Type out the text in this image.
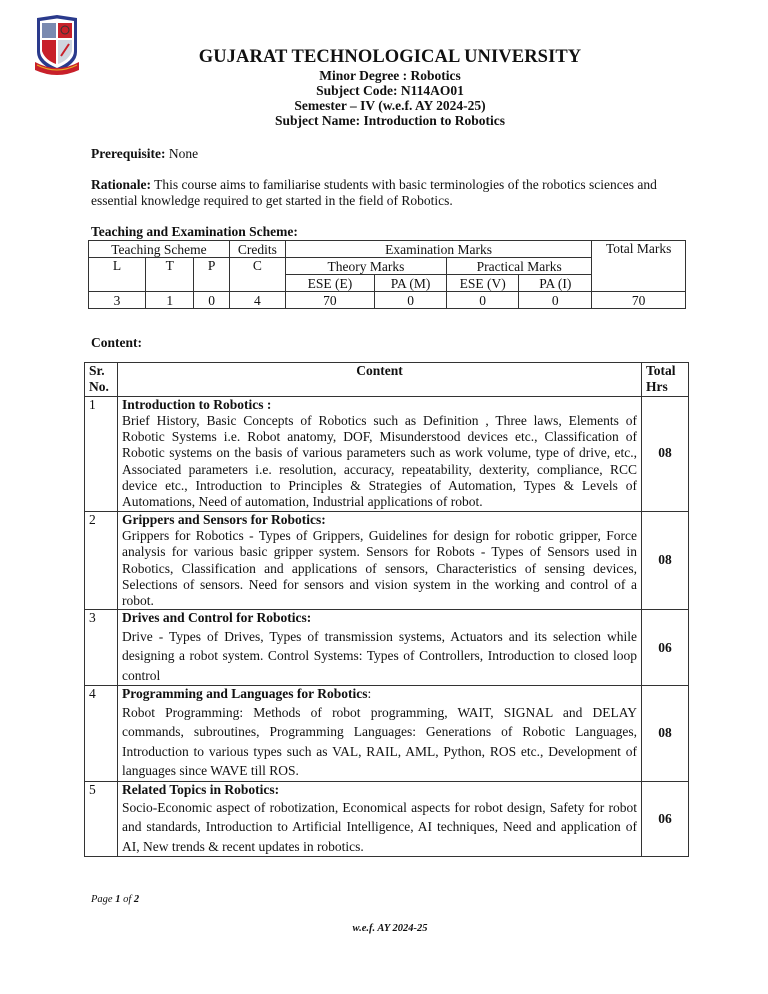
GUJARAT TECHNOLOGICAL UNIVERSITY
Minor Degree : Robotics
Subject Code: N114AO01
Semester – IV (w.e.f. AY 2024-25)
Subject Name: Introduction to Robotics
Prerequisite: None
Rationale: This course aims to familiarise students with basic terminologies of the robotics sciences and essential knowledge required to get started in the field of Robotics.
Teaching and Examination Scheme:
Teaching Scheme			Credits	Examination Marks				Total Marks
L	T	P	C	Theory Marks		Practical Marks		
				ESE (E)	PA (M)	ESE (V)	PA (I)	
3	1	0	4	70	0	0	0	70
Content:
Sr. No.	Content	Total Hrs
1	Introduction to Robotics :
Brief History, Basic Concepts of Robotics such as Definition , Three laws, Elements of Robotic Systems i.e. Robot anatomy, DOF, Misunderstood devices etc., Classification of Robotic systems on the basis of various parameters such as work volume, type of drive, etc., Associated parameters i.e. resolution, accuracy, repeatability, dexterity, compliance, RCC device etc., Introduction to Principles & Strategies of Automation, Types & Levels of Automations, Need of automation, Industrial applications of robot.	08
2	Grippers and Sensors for Robotics:
Grippers for Robotics - Types of Grippers, Guidelines for design for robotic gripper, Force analysis for various basic gripper system. Sensors for Robots - Types of Sensors used in Robotics, Classification and applications of sensors, Characteristics of sensing devices, Selections of sensors. Need for sensors and vision system in the working and control of a robot.	08
3	Drives and Control for Robotics:
Drive - Types of Drives, Types of transmission systems, Actuators and its selection while designing a robot system. Control Systems: Types of Controllers, Introduction to closed loop control	06
4	Programming and Languages for Robotics:
Robot Programming: Methods of robot programming, WAIT, SIGNAL and DELAY commands, subroutines, Programming Languages: Generations of Robotic Languages, Introduction to various types such as VAL, RAIL, AML, Python, ROS etc., Development of languages since WAVE till ROS.	08
5	Related Topics in Robotics:
Socio-Economic aspect of robotization, Economical aspects for robot design, Safety for robot and standards, Introduction to Artificial Intelligence, AI techniques, Need and application of AI, New trends & recent updates in robotics.	06
Page 1 of 2
w.e.f. AY 2024-25
